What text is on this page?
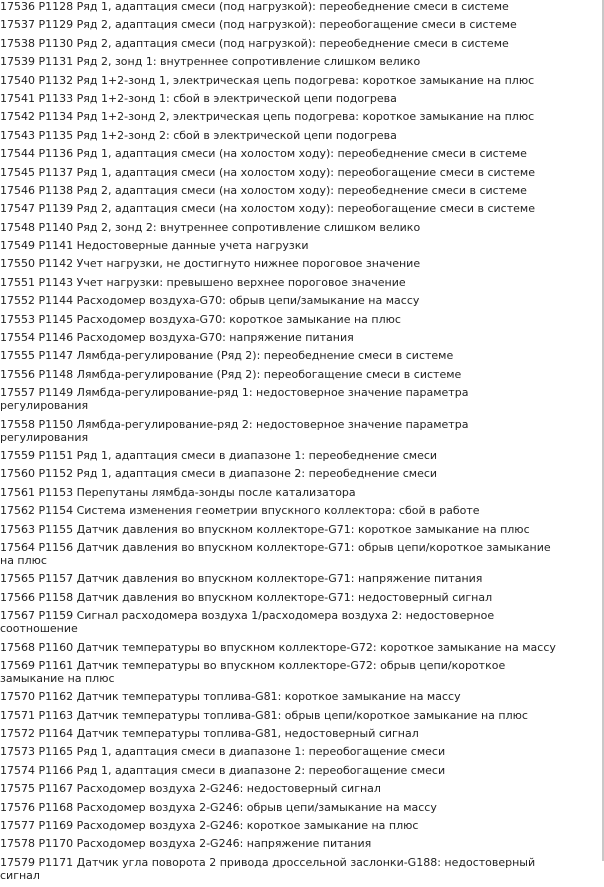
17536 P1128 Ряд 1, адаптация смеси (под нагрузкой): переобеднение смеси в системе
17537 P1129 Ряд 2, адаптация смеси (под нагрузкой): переобогащение смеси в системе
17538 P1130 Ряд 2, адаптация смеси (под нагрузкой): переобеднение смеси в системе
17539 P1131 Ряд 2, зонд 1: внутреннее сопротивление слишком велико
17540 P1132 Ряд 1+2-зонд 1, электрическая цепь подогрева: короткое замыкание на плюс
17541 P1133 Ряд 1+2-зонд 1: сбой в электрической цепи подогрева
17542 P1134 Ряд 1+2-зонд 2, электрическая цепь подогрева: короткое замыкание на плюс
17543 P1135 Ряд 1+2-зонд 2: сбой в электрической цепи подогрева
17544 P1136 Ряд 1, адаптация смеси (на холостом ходу): переобеднение смеси в системе
17545 P1137 Ряд 1, адаптация смеси (на холостом ходу): переобогащение смеси в системе
17546 P1138 Ряд 2, адаптация смеси (на холостом ходу): переобеднение смеси в системе
17547 P1139 Ряд 2, адаптация смеси (на холостом ходу): переобогащение смеси в системе
17548 P1140 Ряд 2, зонд 2: внутреннее сопротивление слишком велико
17549 P1141 Недостоверные данные учета нагрузки
17550 P1142 Учет нагрузки, не достигнуто нижнее пороговое значение
17551 P1143 Учет нагрузки: превышено верхнее пороговое значение
17552 P1144 Расходомер воздуха-G70: обрыв цепи/замыкание на массу
17553 P1145 Расходомер воздуха-G70: короткое замыкание на плюс
17554 P1146 Расходомер воздуха-G70: напряжение питания
17555 P1147 Лямбда-регулирование (Ряд 2): переобеднение смеси в системе
17556 P1148 Лямбда-регулирование (Ряд 2): переобогащение смеси в системе
17557 P1149 Лямбда-регулирование-ряд 1: недостоверное значение параметра регулирования
17558 P1150 Лямбда-регулирование-ряд 2: недостоверное значение параметра регулирования
17559 P1151 Ряд 1, адаптация смеси в диапазоне 1: переобеднение смеси
17560 P1152 Ряд 1, адаптация смеси в диапазоне 2: переобеднение смеси
17561 P1153 Перепутаны лямбда-зонды после катализатора
17562 P1154 Система изменения геометрии впускного коллектора: сбой в работе
17563 P1155 Датчик давления во впускном коллекторе-G71: короткое замыкание на плюс
17564 P1156 Датчик давления во впускном коллекторе-G71: обрыв цепи/короткое замыкание на плюс
17565 P1157 Датчик давления во впускном коллекторе-G71: напряжение питания
17566 P1158 Датчик давления во впускном коллекторе-G71: недостоверный сигнал
17567 P1159 Сигнал расходомера воздуха 1/расходомера воздуха 2: недостоверное соотношение
17568 P1160 Датчик температуры во впускном коллекторе-G72: короткое замыкание на массу
17569 P1161 Датчик температуры во впускном коллекторе-G72: обрыв цепи/короткое замыкание на плюс
17570 P1162 Датчик температуры топлива-G81: короткое замыкание на массу
17571 P1163 Датчик температуры топлива-G81: обрыв цепи/короткое замыкание на плюс
17572 P1164 Датчик температуры топлива-G81, недостоверный сигнал
17573 P1165 Ряд 1, адаптация смеси в диапазоне 1: переобогащение смеси
17574 P1166 Ряд 1, адаптация смеси в диапазоне 2: переобогащение смеси
17575 P1167 Расходомер воздуха 2-G246: недостоверный сигнал
17576 P1168 Расходомер воздуха 2-G246: обрыв цепи/замыкание на массу
17577 P1169 Расходомер воздуха 2-G246: короткое замыкание на плюс
17578 P1170 Расходомер воздуха 2-G246: напряжение питания
17579 P1171 Датчик угла поворота 2 привода дроссельной заслонки-G188: недостоверный сигнал
